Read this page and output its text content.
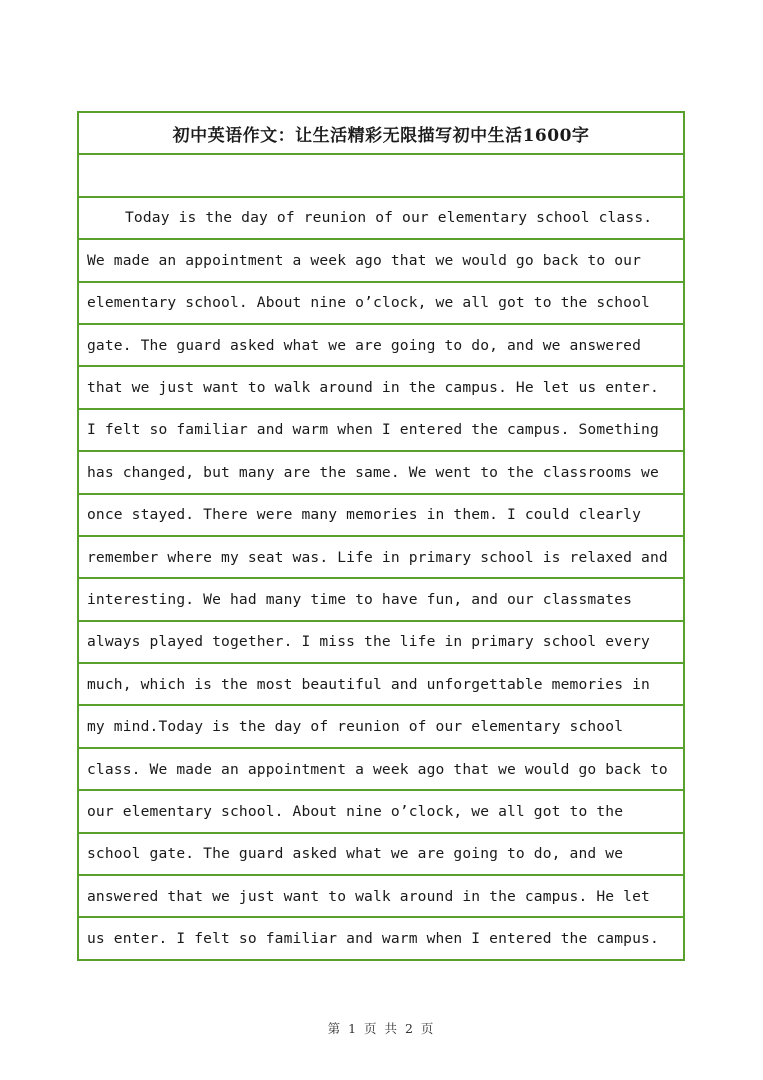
初中英语作文：让生活精彩无限描写初中生活1600字
Today is the day of reunion of our elementary school class.
We made an appointment a week ago that we would go back to our
elementary school. About nine o’clock, we all got to the school
gate. The guard asked what we are going to do, and we answered
that we just want to walk around in the campus. He let us enter.
I felt so familiar and warm when I entered the campus. Something
has changed, but many are the same. We went to the classrooms we
once stayed. There were many memories in them. I could clearly
remember where my seat was. Life in primary school is relaxed and
interesting. We had many time to have fun, and our classmates
always played together. I miss the life in primary school every
much, which is the most beautiful and unforgettable memories in
my mind.Today is the day of reunion of our elementary school
class. We made an appointment a week ago that we would go back to
our elementary school. About nine o’clock, we all got to the
school gate. The guard asked what we are going to do, and we
answered that we just want to walk around in the campus. He let
us enter. I felt so familiar and warm when I entered the campus.
第 1 页 共 2 页
